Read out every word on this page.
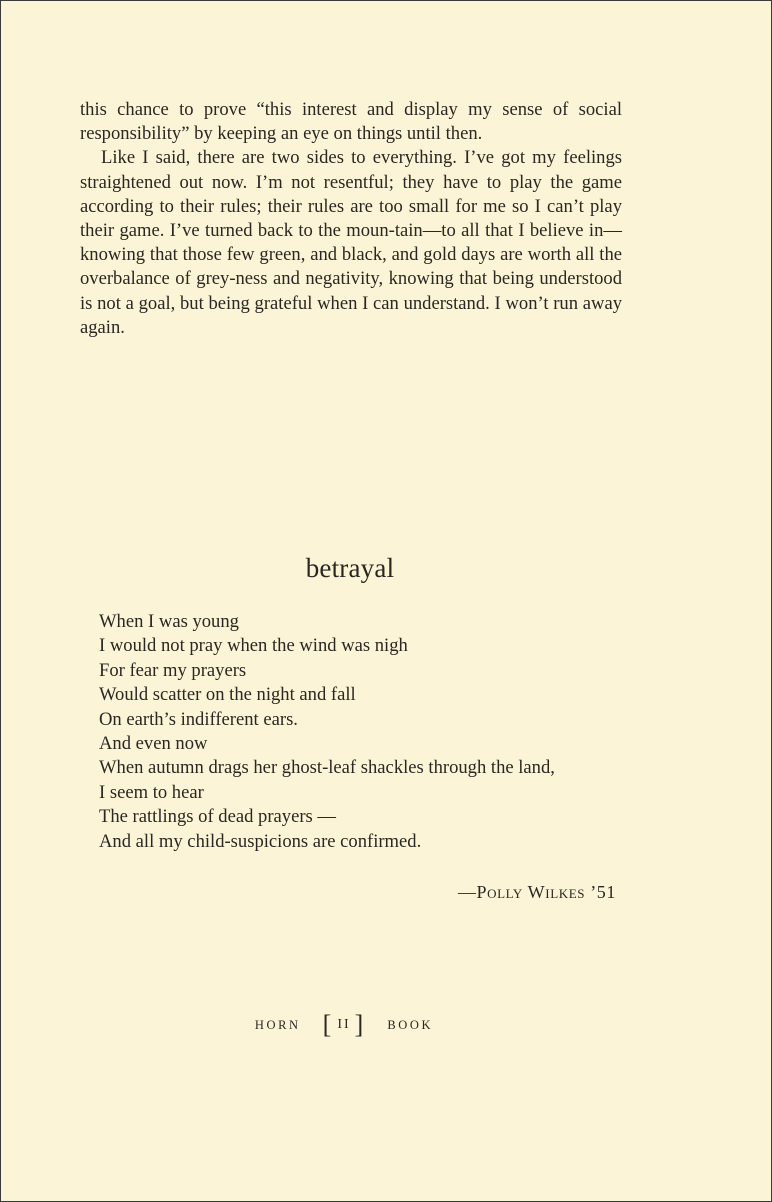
this chance to prove “this interest and display my sense of social responsibility” by keeping an eye on things until then.

Like I said, there are two sides to everything. I’ve got my feelings straightened out now. I’m not resentful; they have to play the game according to their rules; their rules are too small for me so I can’t play their game. I’ve turned back to the moun-tain—to all that I believe in—knowing that those few green, and black, and gold days are worth all the overbalance of grey-ness and negativity, knowing that being understood is not a goal, but being grateful when I can understand. I won’t run away again.

betrayal
When I was young
I would not pray when the wind was nigh
For fear my prayers
Would scatter on the night and fall
On earth’s indifferent ears.
And even now
When autumn drags her ghost-leaf shackles through the land,
I seem to hear
The rattlings of dead prayers —
And all my child-suspicions are confirmed.
—Polly Wilkes ’51
HORN [ II ] BOOK
